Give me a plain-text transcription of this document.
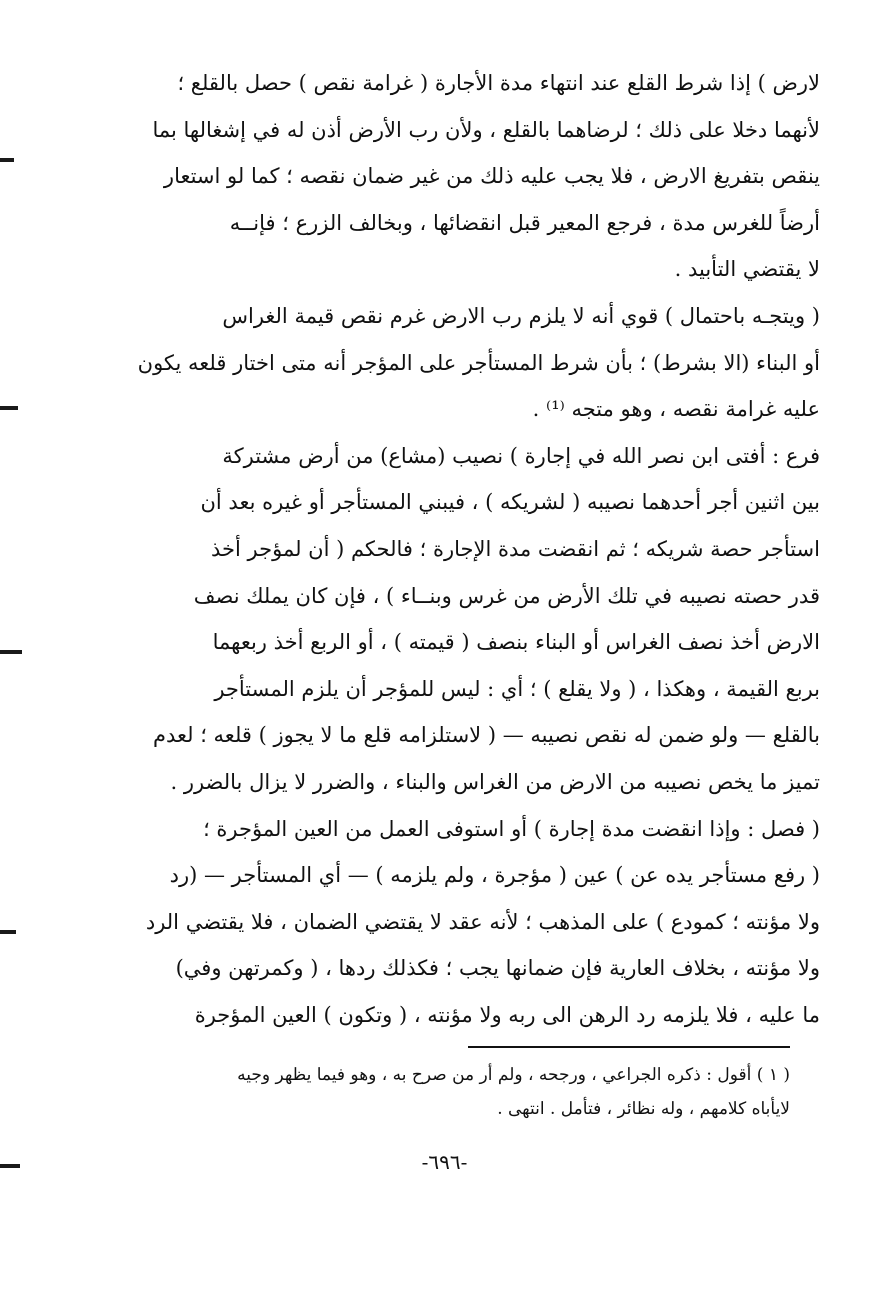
لارض ) إذا شرط القلع عند انتهاء مدة الأجارة ( غرامة نقص ) حصل بالقلع ؛
لأنهما دخلا على ذلك ؛ لرضاهما بالقلع ، ولأن رب الأرض أذن له في إشغالها بما
ينقص بتفريغ الارض ، فلا يجب عليه ذلك من غير ضمان نقصه ؛ كما لو استعار
أرضاً للغرس مدة ، فرجع المعير قبل انقضائها ، وبخالف الزرع ؛ فإنــه
لا يقتضي التأبيد .

( ويتجـه باحتمال ) قوي أنه لا يلزم رب الارض غرم نقص قيمة الغراس
أو البناء (الا بشرط) ؛ بأن شرط المستأجر على المؤجر أنه متى اختار قلعه يكون
عليه غرامة نقصه ، وهو متجه ⁽¹⁾ .

فرع : أفتى ابن نصر الله في إجارة ) نصيب (مشاع) من أرض مشتركة
بين اثنين أجر أحدهما نصيبه ( لشريكه ) ، فيبني المستأجر أو غيره بعد أن
استأجر حصة شريكه ؛ ثم انقضت مدة الإجارة ؛ فالحكم ( أن لمؤجر أخذ
قدر حصته نصيبه في تلك الأرض من غرس وبنــاء ) ، فإن كان يملك نصف
الارض أخذ نصف الغراس أو البناء بنصف ( قيمته ) ، أو الربع أخذ ربعهما
بربع القيمة ، وهكذا ، ( ولا يقلع ) ؛ أي : ليس للمؤجر أن يلزم المستأجر
بالقلع — ولو ضمن له نقص نصيبه — ( لاستلزامه قلع ما لا يجوز ) قلعه ؛ لعدم
تميز ما يخص نصيبه من الارض من الغراس والبناء ، والضرر لا يزال بالضرر .

( فصل : وإذا انقضت مدة إجارة ) أو استوفى العمل من العين المؤجرة ؛
( رفع مستأجر يده عن ) عين ( مؤجرة ، ولم يلزمه ) — أي المستأجر — (رد
ولا مؤنته ؛ كمودع ) على المذهب ؛ لأنه عقد لا يقتضي الضمان ، فلا يقتضي الرد
ولا مؤنته ، بخلاف العارية فإن ضمانها يجب ؛ فكذلك ردها ، ( وكمرتهن وفي)
ما عليه ، فلا يلزمه رد الرهن الى ربه ولا مؤنته ، ( وتكون ) العين المؤجرة

( ١ ) أقول : ذكره الجراعي ، ورجحه ، ولم أر من صرح به ، وهو فيما يظهر وجيه
لايأباه كلامهم ، وله نظائر ، فتأمل . انتهى .
-٦٩٦-
